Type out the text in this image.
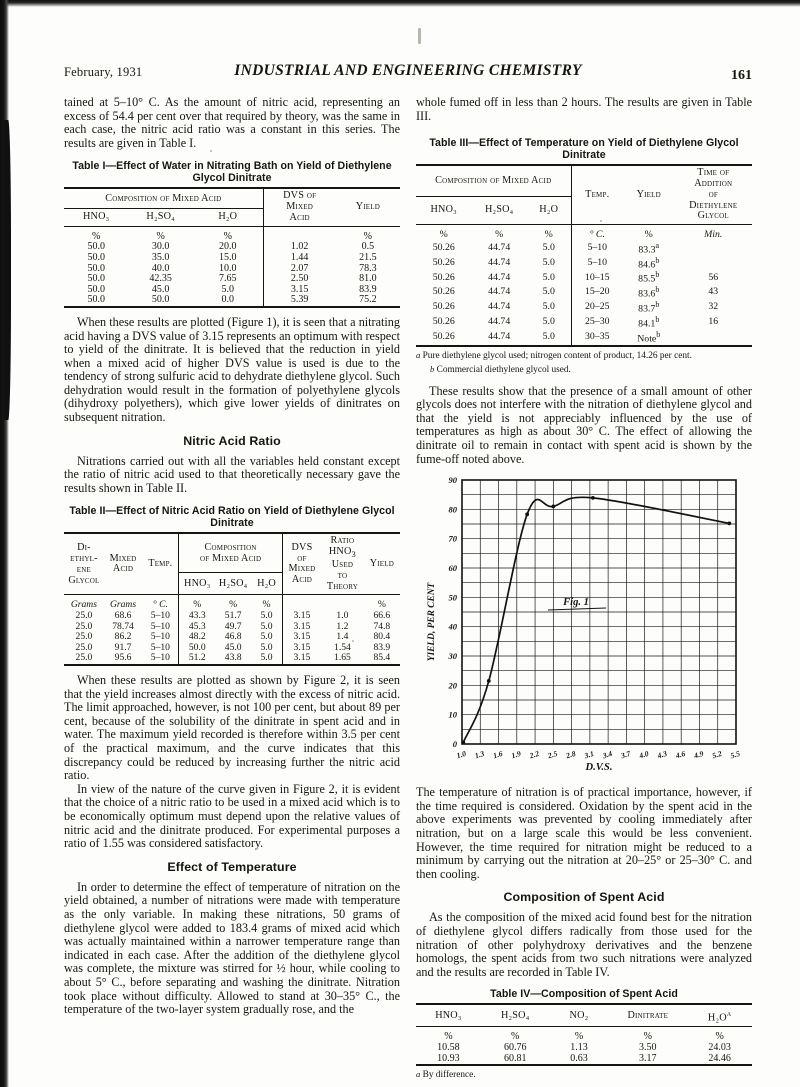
February, 1931	INDUSTRIAL AND ENGINEERING CHEMISTRY	161

tained at 5–10° C. As the amount of nitric acid, representing an excess of 54.4 per cent over that required by theory, was the same in each case, the nitric acid ratio was a constant in this series. The results are given in Table I.

Table I—Effect of Water in Nitrating Bath on Yield of Diethylene Glycol Dinitrate
Composition of Mixed Acid			DVS of
Mixed
Acid	Yield
HNO₃	H₂SO₄	H₂O		
%	%	%		%
50.0	30.0	20.0	1.02	0.5
50.0	35.0	15.0	1.44	21.5
50.0	40.0	10.0	2.07	78.3
50.0	42.35	7.65	2.50	81.0
50.0	45.0	5.0	3.15	83.9
50.0	50.0	0.0	5.39	75.2

When these results are plotted (Figure 1), it is seen that a nitrating acid having a DVS value of 3.15 represents an optimum with respect to yield of the dinitrate. It is believed that the reduction in yield when a mixed acid of higher DVS value is used is due to the tendency of strong sulfuric acid to dehydrate diethylene glycol. Such dehydration would result in the formation of polyethylene glycols (dihydroxy polyethers), which give lower yields of dinitrates on subsequent nitration.

Nitric Acid Ratio

Nitrations carried out with all the variables held constant except the ratio of nitric acid used to that theoretically necessary gave the results shown in Table II.

Table II—Effect of Nitric Acid Ratio on Yield of Diethylene Glycol Dinitrate
Di-
ethyl-
ene
Glycol	Mixed
Acid	Temp.	Composition
of Mixed Acid			DVS
of
Mixed
Acid	Ratio
$HNO_3$
Used
to
Theory	Yield
			HNO₃	H₂SO₄	H₂O			
Grams	Grams	° C.	%	%	%			%
25.0	68.6	5–10	43.3	51.7	5.0	3.15	1.0	66.6
25.0	78.74	5–10	45.3	49.7	5.0	3.15	1.2	74.8
25.0	86.2	5–10	48.2	46.8	5.0	3.15	1.4	80.4
25.0	91.7	5–10	50.0	45.0	5.0	3.15	1.54	83.9
25.0	95.6	5–10	51.2	43.8	5.0	3.15	1.65	85.4

When these results are plotted as shown by Figure 2, it is seen that the yield increases almost directly with the excess of nitric acid. The limit approached, however, is not 100 per cent, but about 89 per cent, because of the solubility of the dinitrate in spent acid and in water. The maximum yield recorded is therefore within 3.5 per cent of the practical maximum, and the curve indicates that this discrepancy could be reduced by increasing further the nitric acid ratio.

In view of the nature of the curve given in Figure 2, it is evident that the choice of a nitric ratio to be used in a mixed acid which is to be economically optimum must depend upon the relative values of nitric acid and the dinitrate produced. For experimental purposes a ratio of 1.55 was considered satisfactory.

Effect of Temperature

In order to determine the effect of temperature of nitration on the yield obtained, a number of nitrations were made with temperature as the only variable. In making these nitrations, 50 grams of diethylene glycol were added to 183.4 grams of mixed acid which was actually maintained within a narrower temperature range than indicated in each case. After the addition of the diethylene glycol was complete, the mixture was stirred for ½ hour, while cooling to about 5° C., before separating and washing the dinitrate. Nitration took place without difficulty. Allowed to stand at 30–35° C., the temperature of the two-layer system gradually rose, and the

whole fumed off in less than 2 hours. The results are given in Table III.

Table III—Effect of Temperature on Yield of Diethylene Glycol Dinitrate
Composition of Mixed Acid			Temp.	Yield	Time of
Addition
of
Diethylene
Glycol
HNO₃	H₂SO₄	H₂O			
%	%	%	° C.	%	Min.
50.26	44.74	5.0	5–10	83.3$^a$	
50.26	44.74	5.0	5–10	84.6$^b$	
50.26	44.74	5.0	10–15	85.5$^b$	56
50.26	44.74	5.0	15–20	83.6$^b$	43
50.26	44.74	5.0	20–25	83.7$^b$	32
50.26	44.74	5.0	25–30	84.1$^b$	16
50.26	44.74	5.0	30–35	Note$^b$	
a Pure diethylene glycol used; nitrogen content of product, 14.26 per cent.
b Commercial diethylene glycol used.

These results show that the presence of a small amount of other glycols does not interfere with the nitration of diethylene glycol and that the yield is not appreciably influenced by the use of temperatures as high as about 30° C. The effect of allowing the dinitrate oil to remain in contact with spent acid is shown by the fume-off noted above.

0
10
20
30
40
50
60
70
80
90
1.0 1.3 1.6 1.9 2.2 2.5 2.8 3.1 3.4 3.7 4.0 4.3 4.6 4.9 5.2 5.5
YIELD, PER CENT
D.V.S.
Fig. 1

The temperature of nitration is of practical importance, however, if the time required is considered. Oxidation by the spent acid in the above experiments was prevented by cooling immediately after nitration, but on a large scale this would be less convenient. However, the time required for nitration might be reduced to a minimum by carrying out the nitration at 20–25° or 25–30° C. and then cooling.

Composition of Spent Acid

As the composition of the mixed acid found best for the nitration of diethylene glycol differs radically from those used for the nitration of other polyhydroxy derivatives and the benzene homologs, the spent acids from two such nitrations were analyzed and the results are recorded in Table IV.

Table IV—Composition of Spent Acid
HNO₃	H₂SO₄	NO₂	Dinitrate	$H_2O^a$
%	%	%	%	%
10.58	60.76	1.13	3.50	24.03
10.93	60.81	0.63	3.17	24.46
a By difference.
